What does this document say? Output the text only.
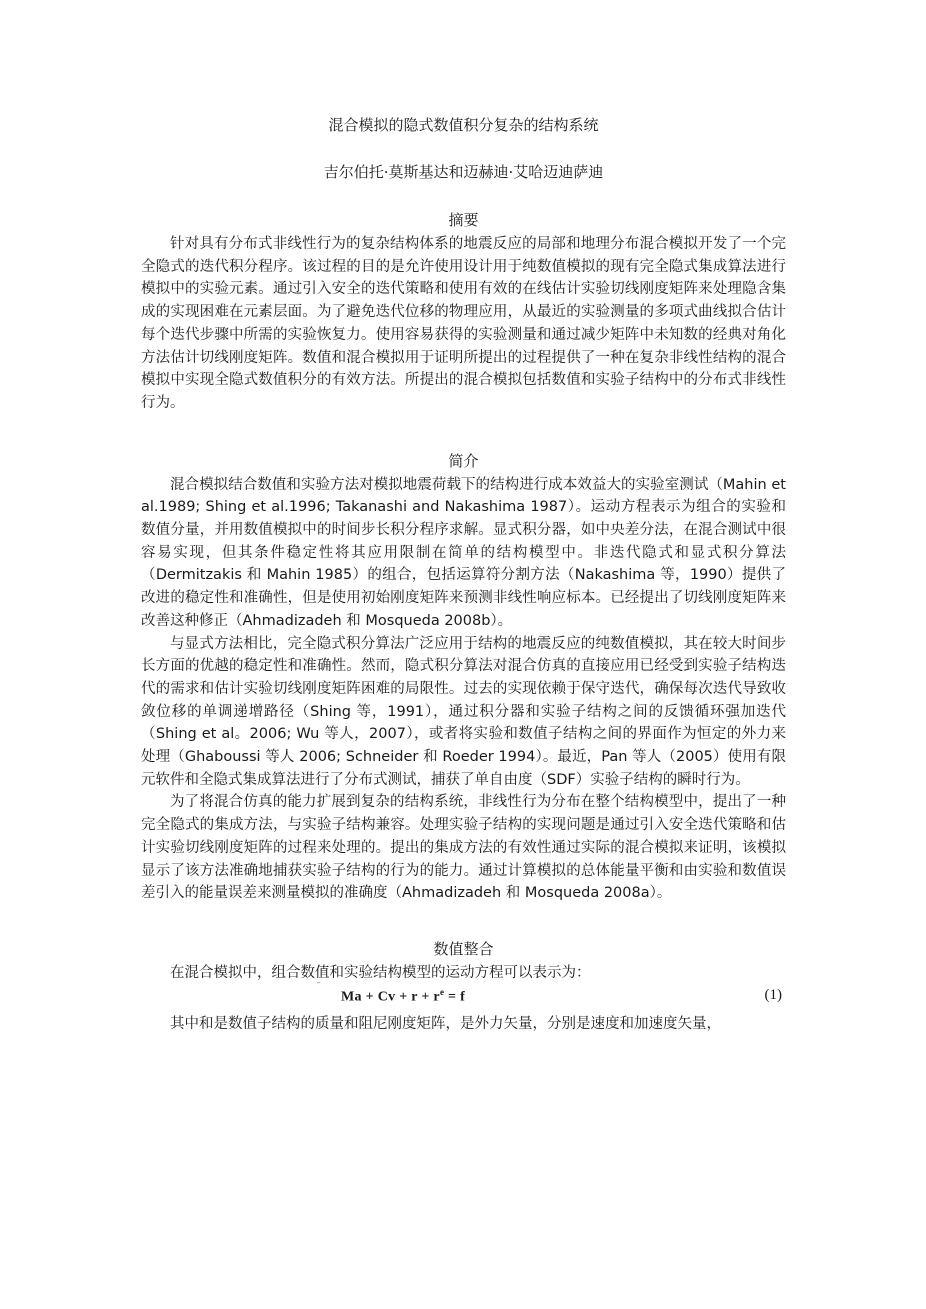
混合模拟的隐式数值积分复杂的结构系统
吉尔伯托·莫斯基达和迈赫迪·艾哈迈迪萨迪
摘要

针对具有分布式非线性行为的复杂结构体系的地震反应的局部和地理分布混合模拟开发了一个完全隐式的迭代积分程序。该过程的目的是允许使用设计用于纯数值模拟的现有完全隐式集成算法进行模拟中的实验元素。通过引入安全的迭代策略和使用有效的在线估计实验切线刚度矩阵来处理隐含集成的实现困难在元素层面。为了避免迭代位移的物理应用，从最近的实验测量的多项式曲线拟合估计每个迭代步骤中所需的实验恢复力。使用容易获得的实验测量和通过减少矩阵中未知数的经典对角化方法估计切线刚度矩阵。数值和混合模拟用于证明所提出的过程提供了一种在复杂非线性结构的混合模拟中实现全隐式数值积分的有效方法。所提出的混合模拟包括数值和实验子结构中的分布式非线性行为。

简介

混合模拟结合数值和实验方法对模拟地震荷载下的结构进行成本效益大的实验室测试（Mahin et al.1989; Shing et al.1996; Takanashi and Nakashima 1987）。运动方程表示为组合的实验和数值分量，并用数值模拟中的时间步长积分程序求解。显式积分器，如中央差分法，在混合测试中很容易实现，但其条件稳定性将其应用限制在简单的结构模型中。非迭代隐式和显式积分算法（Dermitzakis 和 Mahin 1985）的组合，包括运算符分割方法（Nakashima 等，1990）提供了改进的稳定性和准确性，但是使用初始刚度矩阵来预测非线性响应标本。已经提出了切线刚度矩阵来改善这种修正（Ahmadizadeh 和 Mosqueda 2008b）。

与显式方法相比，完全隐式积分算法广泛应用于结构的地震反应的纯数值模拟，其在较大时间步长方面的优越的稳定性和准确性。然而，隐式积分算法对混合仿真的直接应用已经受到实验子结构迭代的需求和估计实验切线刚度矩阵困难的局限性。过去的实现依赖于保守迭代，确保每次迭代导致收敛位移的单调递增路径（Shing 等，1991），通过积分器和实验子结构之间的反馈循环强加迭代（Shing et al。2006; Wu 等人，2007），或者将实验和数值子结构之间的界面作为恒定的外力来处理（Ghaboussi 等人 2006; Schneider 和 Roeder 1994）。最近，Pan 等人（2005）使用有限元软件和全隐式集成算法进行了分布式测试，捕获了单自由度（SDF）实验子结构的瞬时行为。

为了将混合仿真的能力扩展到复杂的结构系统，非线性行为分布在整个结构模型中，提出了一种完全隐式的集成方法，与实验子结构兼容。处理实验子结构的实现问题是通过引入安全迭代策略和估计实验切线刚度矩阵的过程来处理的。提出的集成方法的有效性通过实际的混合模拟来证明，该模拟显示了该方法准确地捕获实验子结构的行为的能力。通过计算模拟的总体能量平衡和由实验和数值误差引入的能量误差来测量模拟的准确度（Ahmadizadeh 和 Mosqueda 2008a）。

数值整合

在混合模拟中，组合数值和实验结构模型的运动方程可以表示为：

ˉ
$Ma + Cv + r + r^e = f$	(1)

其中和是数值子结构的质量和阻尼刚度矩阵，是外力矢量，分别是速度和加速度矢量，
